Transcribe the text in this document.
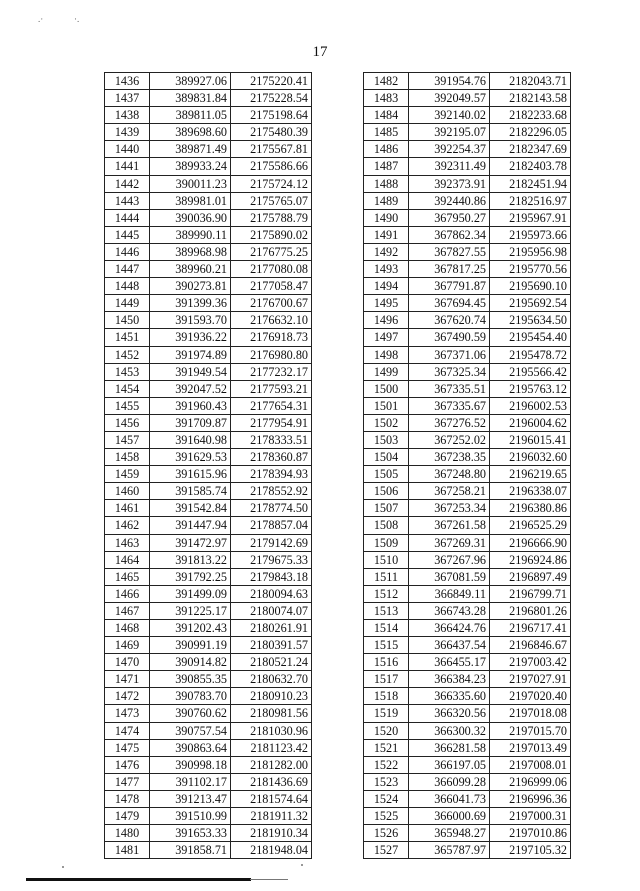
.·	·.
17
1436	389927.06	2175220.41
1437	389831.84	2175228.54
1438	389811.05	2175198.64
1439	389698.60	2175480.39
1440	389871.49	2175567.81
1441	389933.24	2175586.66
1442	390011.23	2175724.12
1443	389981.01	2175765.07
1444	390036.90	2175788.79
1445	389990.11	2175890.02
1446	389968.98	2176775.25
1447	389960.21	2177080.08
1448	390273.81	2177058.47
1449	391399.36	2176700.67
1450	391593.70	2176632.10
1451	391936.22	2176918.73
1452	391974.89	2176980.80
1453	391949.54	2177232.17
1454	392047.52	2177593.21
1455	391960.43	2177654.31
1456	391709.87	2177954.91
1457	391640.98	2178333.51
1458	391629.53	2178360.87
1459	391615.96	2178394.93
1460	391585.74	2178552.92
1461	391542.84	2178774.50
1462	391447.94	2178857.04
1463	391472.97	2179142.69
1464	391813.22	2179675.33
1465	391792.25	2179843.18
1466	391499.09	2180094.63
1467	391225.17	2180074.07
1468	391202.43	2180261.91
1469	390991.19	2180391.57
1470	390914.82	2180521.24
1471	390855.35	2180632.70
1472	390783.70	2180910.23
1473	390760.62	2180981.56
1474	390757.54	2181030.96
1475	390863.64	2181123.42
1476	390998.18	2181282.00
1477	391102.17	2181436.69
1478	391213.47	2181574.64
1479	391510.99	2181911.32
1480	391653.33	2181910.34
1481	391858.71	2181948.04
1482	391954.76	2182043.71
1483	392049.57	2182143.58
1484	392140.02	2182233.68
1485	392195.07	2182296.05
1486	392254.37	2182347.69
1487	392311.49	2182403.78
1488	392373.91	2182451.94
1489	392440.86	2182516.97
1490	367950.27	2195967.91
1491	367862.34	2195973.66
1492	367827.55	2195956.98
1493	367817.25	2195770.56
1494	367791.87	2195690.10
1495	367694.45	2195692.54
1496	367620.74	2195634.50
1497	367490.59	2195454.40
1498	367371.06	2195478.72
1499	367325.34	2195566.42
1500	367335.51	2195763.12
1501	367335.67	2196002.53
1502	367276.52	2196004.62
1503	367252.02	2196015.41
1504	367238.35	2196032.60
1505	367248.80	2196219.65
1506	367258.21	2196338.07
1507	367253.34	2196380.86
1508	367261.58	2196525.29
1509	367269.31	2196666.90
1510	367267.96	2196924.86
1511	367081.59	2196897.49
1512	366849.11	2196799.71
1513	366743.28	2196801.26
1514	366424.76	2196717.41
1515	366437.54	2196846.67
1516	366455.17	2197003.42
1517	366384.23	2197027.91
1518	366335.60	2197020.40
1519	366320.56	2197018.08
1520	366300.32	2197015.70
1521	366281.58	2197013.49
1522	366197.05	2197008.01
1523	366099.28	2196999.06
1524	366041.73	2196996.36
1525	366000.69	2197000.31
1526	365948.27	2197010.86
1527	365787.97	2197105.32
